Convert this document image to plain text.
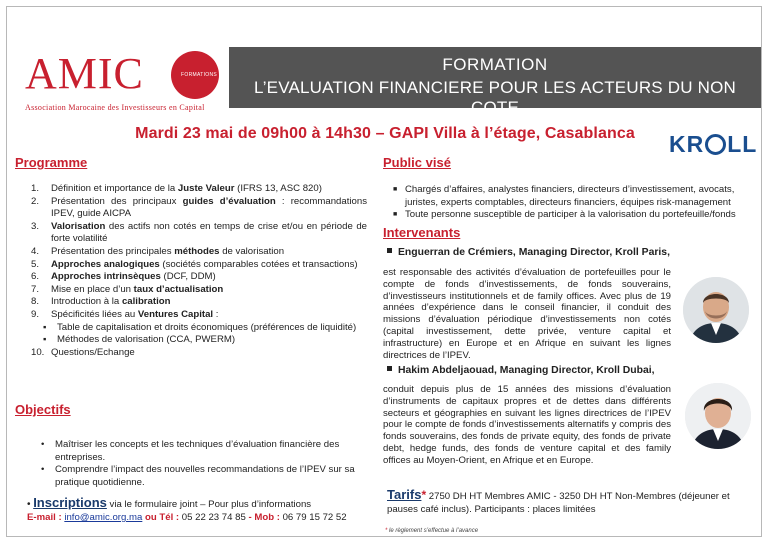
AMIC	FORMATIONS
Association Marocaine des Investisseurs en Capital
FORMATION
L’EVALUATION FINANCIERE POUR LES ACTEURS DU NON COTE
Mardi 23 mai de 09h00 à 14h30 – GAPI Villa à l’étage, Casablanca	KR LL
Programme
1. Définition et importance de la Juste Valeur (IFRS 13, ASC 820)
2. Présentation des principaux guides d’évaluation : recommandations IPEV, guide AICPA
3. Valorisation des actifs non cotés en temps de crise et/ou en période de forte volatilité
4. Présentation des principales méthodes de valorisation
5. Approches analogiques (sociétés comparables cotées et transactions)
6. Approches intrinsèques (DCF, DDM)
7. Mise en place d’un taux d’actualisation
8. Introduction à la calibration
9. Spécificités liées au Ventures Capital :
▪ Table de capitalisation et droits économiques (préférences de liquidité)
▪ Méthodes de valorisation (CCA, PWERM)
10. Questions/Echange
Objectifs
• Maîtriser les concepts et les techniques d’évaluation financière des entreprises.
• Comprendre l’impact des nouvelles recommandations de l’IPEV sur sa pratique quotidienne.
• Inscriptions via le formulaire joint – Pour plus d’informations
E-mail : info@amic.org.ma ou Tél : 05 22 23 74 85 - Mob : 06 79 15 72 52
Public visé
■ Chargés d’affaires, analystes financiers, directeurs d’investissement, avocats, juristes, experts comptables, directeurs financiers, équipes risk-management
■ Toute personne susceptible de participer à la valorisation du portefeuille/fonds
Intervenants
Enguerran de Crémiers, Managing Director, Kroll Paris,
est responsable des activités d’évaluation de portefeuilles pour le compte de fonds d’investissements, de fonds souverains, d’investisseurs institutionnels et de family offices. Avec plus de 19 années d’expérience dans le conseil financier, il conduit des missions d’évaluation périodique d’investissements non cotés (capital investissement, dette privée, venture capital et infrastructure) en Europe et en Afrique en suivant les lignes directrices de l’IPEV.
Hakim Abdeljaouad, Managing Director, Kroll Dubai,
conduit depuis plus de 15 années des missions d’évaluation d’instruments de capitaux propres et de dettes dans différents secteurs et géographies en suivant les lignes directrices de l’IPEV pour le compte de fonds d’investissements alternatifs y compris des fonds souverains, des fonds de private equity, des fonds de private debt, hedge funds, des fonds de venture capital et des family offices au Moyen-Orient, en Afrique et en Europe.
Tarifs* 2750 DH HT Membres AMIC - 3250 DH HT Non-Membres (déjeuner et pauses café inclus). Participants : places limitées
* le règlement s’effectue à l’avance
